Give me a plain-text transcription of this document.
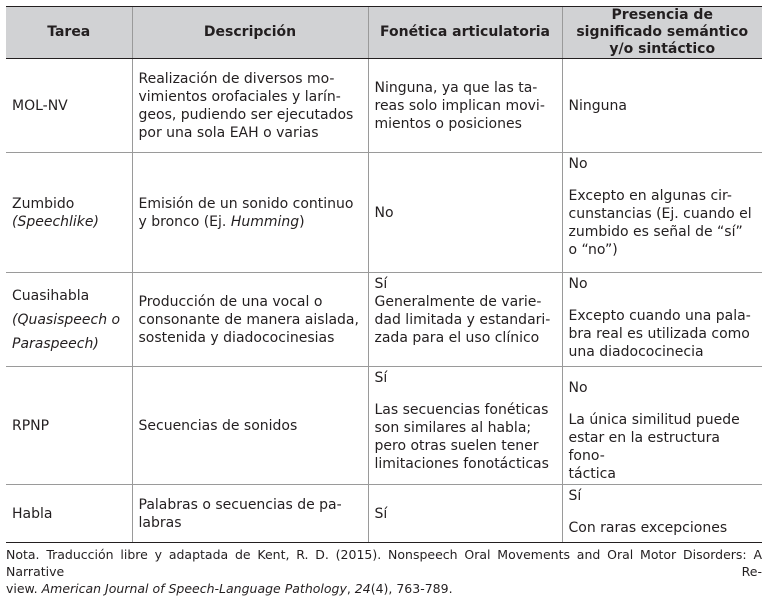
Tarea	Descripción	Fonética articulatoria	Presencia de significado semántico y/o sintáctico
MOL-NV	Realización de diversos mo-
vimientos orofaciales y larín-
geos, pudiendo ser ejecutados
por una sola EAH o varias	Ninguna, ya que las ta-
reas solo implican movi-
mientos o posiciones	Ninguna

Zumbido
(Speechlike)	Emisión de un sonido continuo
y bronco (Ej. Humming)	No	No
Excepto en algunas cir-
cunstancias (Ej. cuando el
zumbido es señal de “sí”
o “no”)

Cuasihabla
(Quasispeech o
Paraspeech)	Producción de una vocal o
consonante de manera aislada,
sostenida y diadococinesias	Sí
Generalmente de varie-
dad limitada y estandari-
zada para el uso clínico	No
Excepto cuando una pala-
bra real es utilizada como
una diadococinecia

RPNP	Secuencias de sonidos	Sí
Las secuencias fonéticas
son similares al habla;
pero otras suelen tener
limitaciones fonotácticas	No
La única similitud puede
estar en la estructura fono-
táctica

Habla	Palabras o secuencias de pa-
labras	Sí	Sí
Con raras excepciones
Nota. Traducción libre y adaptada de Kent, R. D. (2015). Nonspeech Oral Movements and Oral Motor Disorders: A Narrative Re-
view. American Journal of Speech-Language Pathology, 24(4), 763-789.
